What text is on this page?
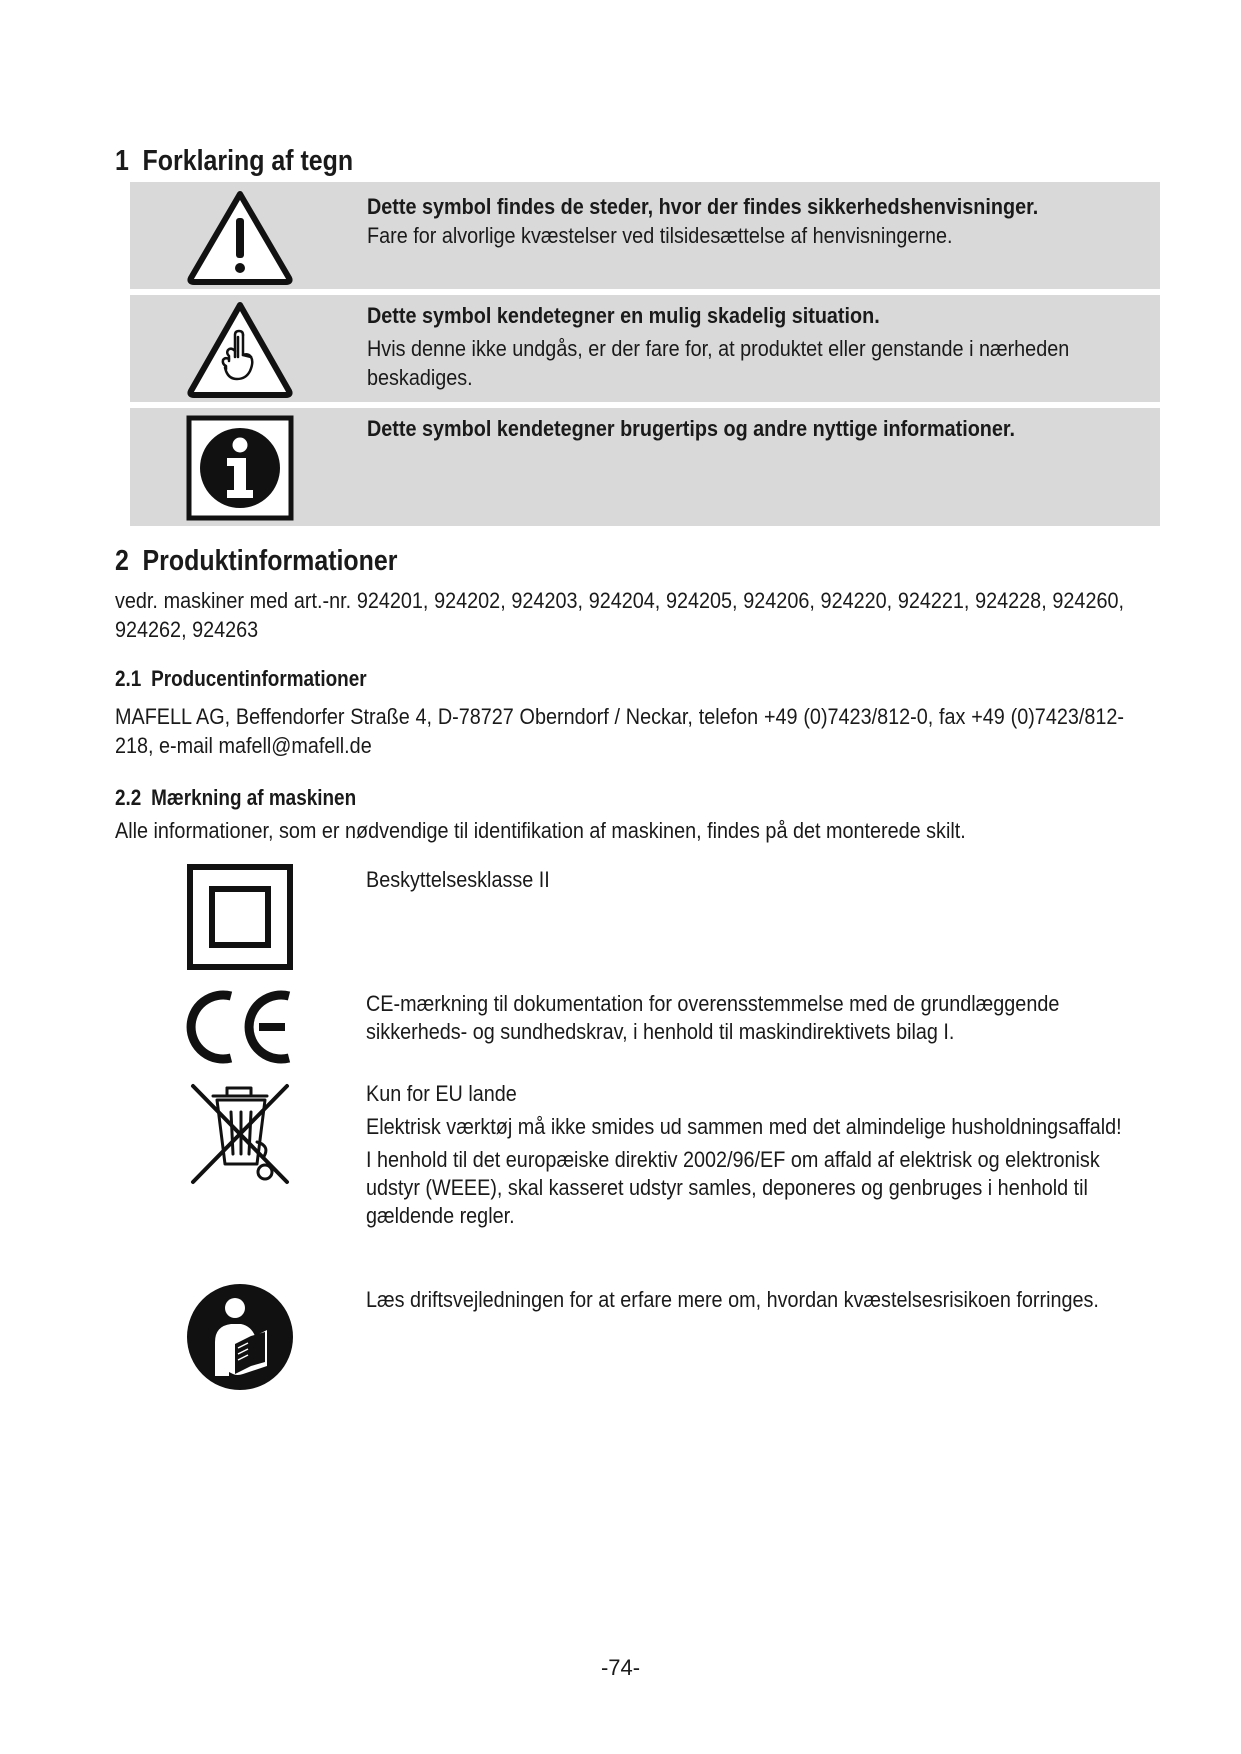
1 Forklaring af tegn
Dette symbol findes de steder, hvor der findes sikkerhedshenvisninger.
Fare for alvorlige kvæstelser ved tilsidesættelse af henvisningerne.
Dette symbol kendetegner en mulig skadelig situation.
Hvis denne ikke undgås, er der fare for, at produktet eller genstande i nærheden beskadiges.
Dette symbol kendetegner brugertips og andre nyttige informationer.
2 Produktinformationer
vedr. maskiner med art.-nr. 924201, 924202, 924203, 924204, 924205, 924206, 924220, 924221, 924228, 924260, 924262, 924263
2.1 Producentinformationer
MAFELL AG, Beffendorfer Straße 4, D-78727 Oberndorf / Neckar, telefon +49 (0)7423/812-0, fax +49 (0)7423/812-218, e-mail mafell@mafell.de
2.2 Mærkning af maskinen
Alle informationer, som er nødvendige til identifikation af maskinen, findes på det monterede skilt.

Beskyttelsesklasse II

CE-mærkning til dokumentation for overensstemmelse med de grundlæggende sikkerheds- og sundhedskrav, i henhold til maskindirektivets bilag I.

Kun for EU lande

Elektrisk værktøj må ikke smides ud sammen med det almindelige husholdningsaffald!

I henhold til det europæiske direktiv 2002/96/EF om affald af elektrisk og elektronisk udstyr (WEEE), skal kasseret udstyr samles, deponeres og genbruges i henhold til gældende regler.

Læs driftsvejledningen for at erfare mere om, hvordan kvæstelsesrisikoen forringes.

-74-
